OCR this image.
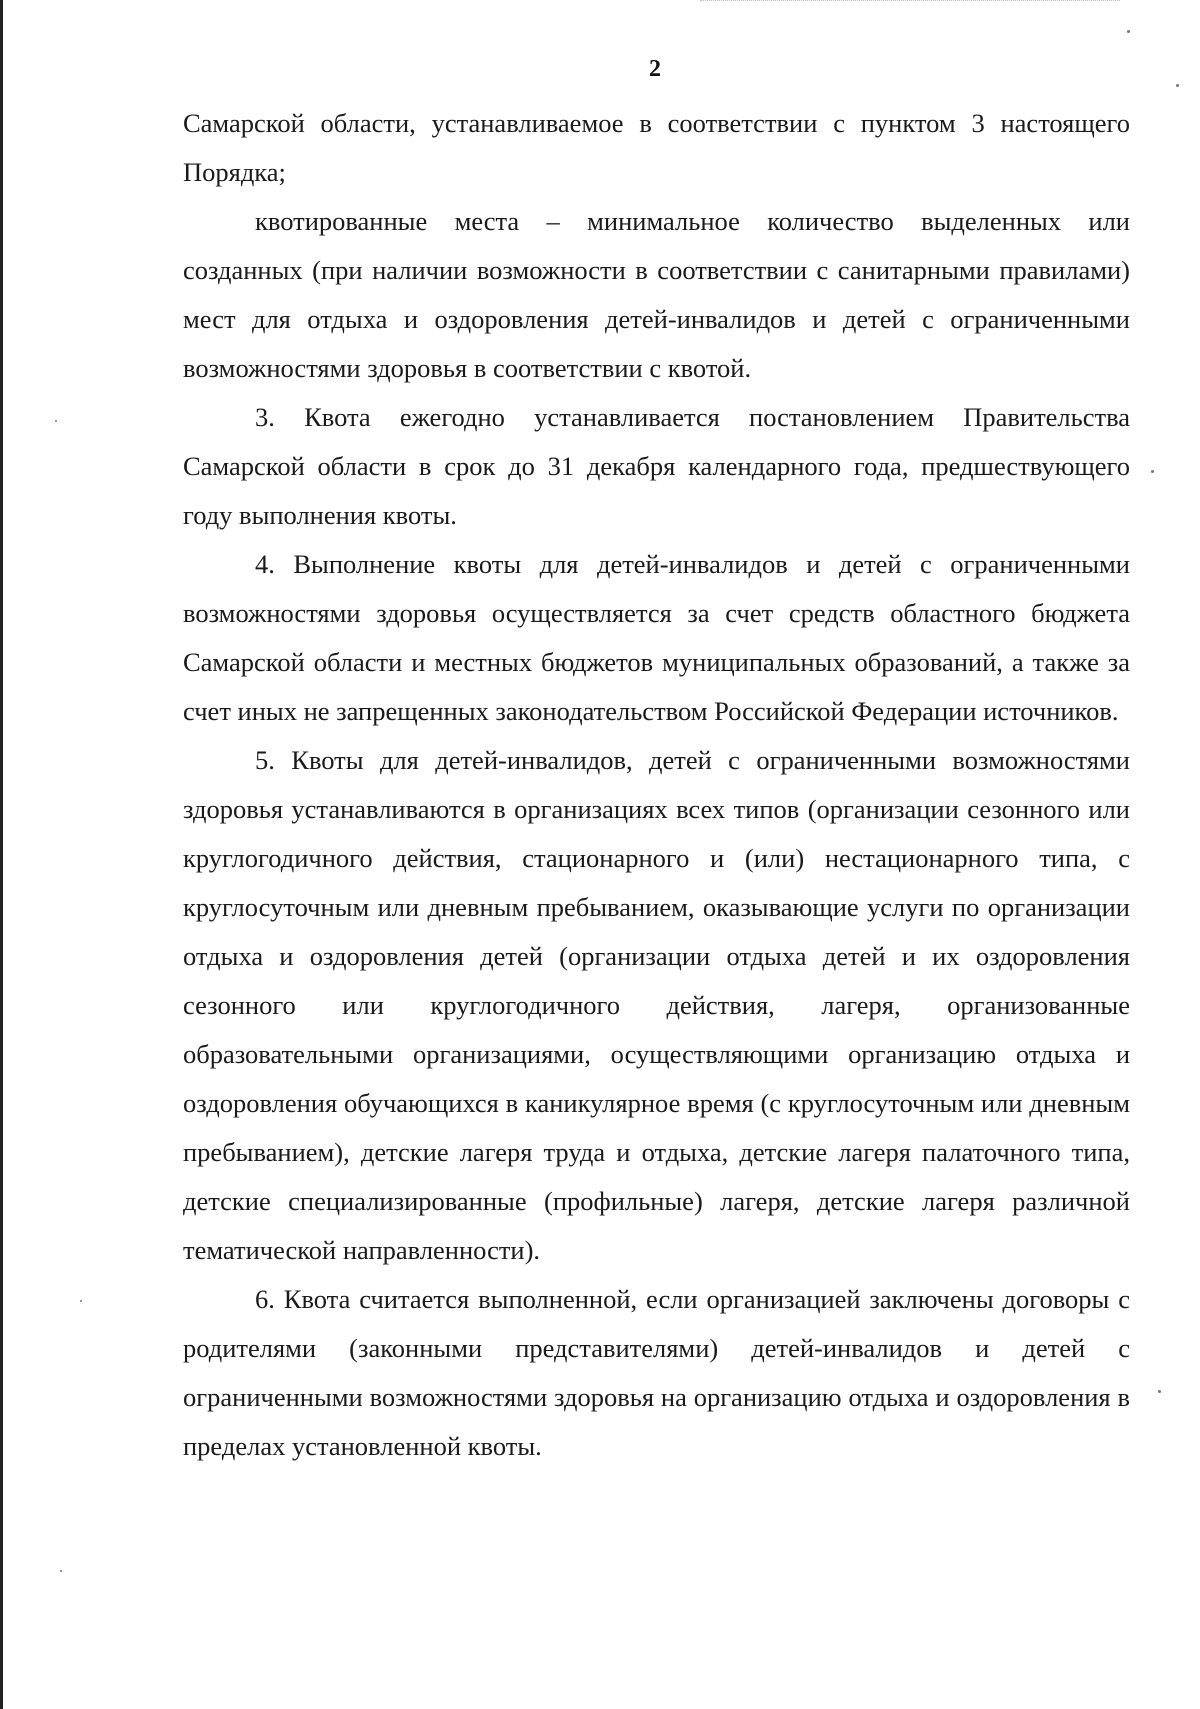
2

Самарской области, устанавливаемое в соответствии с пунктом 3 настоящего Порядка;

квотированные места – минимальное количество выделенных или созданных (при наличии возможности в соответствии с санитарными правилами) мест для отдыха и оздоровления детей-инвалидов и детей с ограниченными возможностями здоровья в соответствии с квотой.

3. Квота ежегодно устанавливается постановлением Правительства Самарской области в срок до 31 декабря календарного года, предшествующего году выполнения квоты.

4. Выполнение квоты для детей-инвалидов и детей с ограниченными возможностями здоровья осуществляется за счет средств областного бюджета Самарской области и местных бюджетов муниципальных образований, а также за счет иных не запрещенных законодательством Российской Федерации источников.

5. Квоты для детей-инвалидов, детей с ограниченными возможностями здоровья устанавливаются в организациях всех типов (организации сезонного или круглогодичного действия, стационарного и (или) нестационарного типа, с круглосуточным или дневным пребыванием, оказывающие услуги по организации отдыха и оздоровления детей (организации отдыха детей и их оздоровления сезонного или круглогодичного действия, лагеря, организованные образовательными организациями, осуществляющими организацию отдыха и оздоровления обучающихся в каникулярное время (с круглосуточным или дневным пребыванием), детские лагеря труда и отдыха, детские лагеря палаточного типа, детские специализированные (профильные) лагеря, детские лагеря различной тематической направленности).

6. Квота считается выполненной, если организацией заключены договоры с родителями (законными представителями) детей-инвалидов и детей с ограниченными возможностями здоровья на организацию отдыха и оздоровления в пределах установленной квоты.
